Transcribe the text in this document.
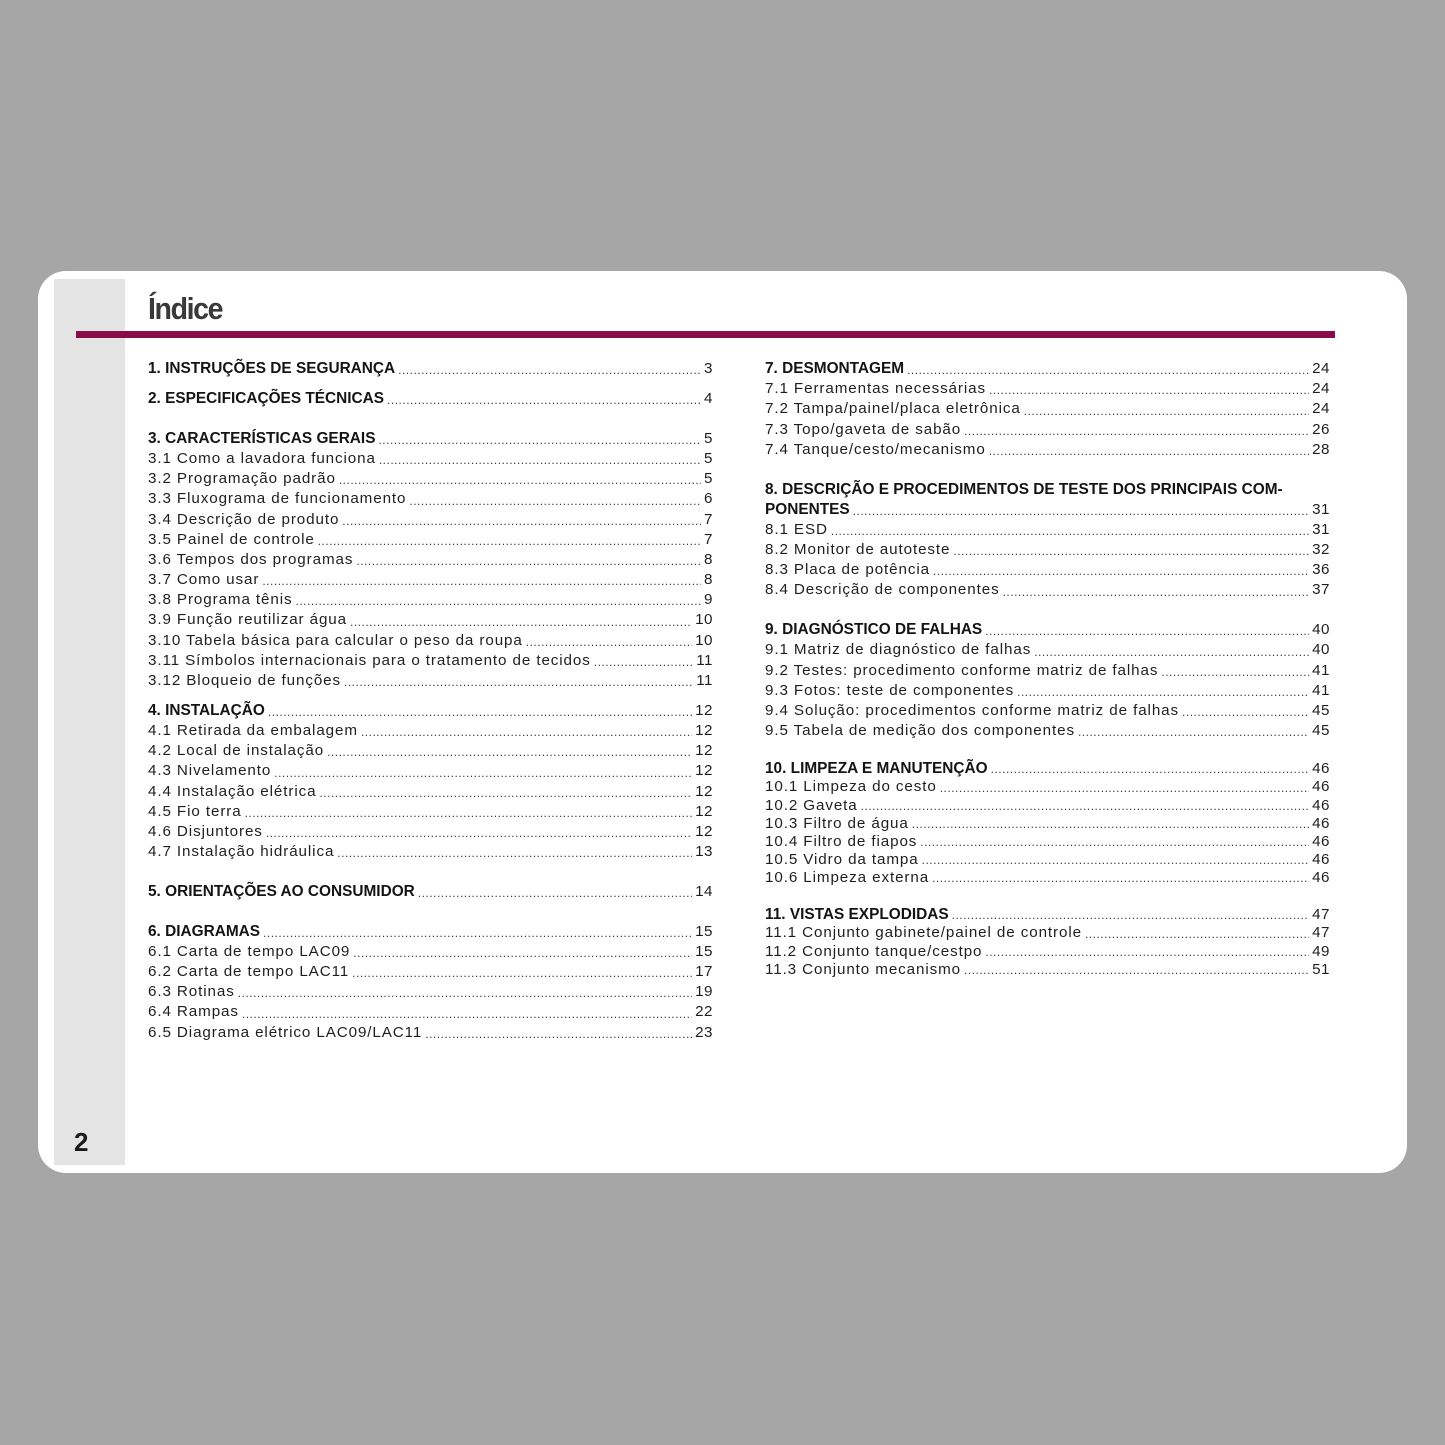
2
Índice
1. INSTRUÇÕES DE SEGURANÇA .....	3
2. ESPECIFICAÇÕES TÉCNICAS .....	4
3. CARACTERÍSTICAS GERAIS .....	5
3.1 Como a lavadora funciona .....	5
3.2 Programação padrão .....	5
3.3 Fluxograma de funcionamento .....	6
3.4 Descrição de produto .....	7
3.5 Painel de controle .....	7
3.6 Tempos dos programas .....	8
3.7 Como usar .....	8
3.8 Programa tênis .....	9
3.9 Função reutilizar água .....	10
3.10 Tabela básica para calcular o peso da roupa .....	10
3.11 Símbolos internacionais para o tratamento de tecidos .....	11
3.12 Bloqueio de funções .....	11
4. INSTALAÇÃO .....	12
4.1 Retirada da embalagem .....	12
4.2 Local de instalação .....	12
4.3 Nivelamento .....	12
4.4 Instalação elétrica .....	12
4.5 Fio terra .....	12
4.6 Disjuntores .....	12
4.7 Instalação hidráulica .....	13
5. ORIENTAÇÕES AO CONSUMIDOR .....	14
6. DIAGRAMAS .....	15
6.1 Carta de tempo LAC09 .....	15
6.2 Carta de tempo LAC11 .....	17
6.3 Rotinas .....	19
6.4 Rampas .....	22
6.5 Diagrama elétrico LAC09/LAC11 .....	23
7. DESMONTAGEM .....	24
7.1 Ferramentas necessárias .....	24
7.2 Tampa/painel/placa eletrônica .....	24
7.3 Topo/gaveta de sabão .....	26
7.4 Tanque/cesto/mecanismo .....	28
8. DESCRIÇÃO E PROCEDIMENTOS DE TESTE DOS PRINCIPAIS COM-
PONENTES .....	31
8.1 ESD .....	31
8.2 Monitor de autoteste .....	32
8.3 Placa de potência .....	36
8.4 Descrição de componentes .....	37
9. DIAGNÓSTICO DE FALHAS .....	40
9.1 Matriz de diagnóstico de falhas .....	40
9.2 Testes: procedimento conforme matriz de falhas .....	41
9.3 Fotos: teste de componentes .....	41
9.4 Solução: procedimentos conforme matriz de falhas .....	45
9.5 Tabela de medição dos componentes .....	45
10. LIMPEZA E MANUTENÇÃO .....	46
10.1 Limpeza do cesto .....	46
10.2 Gaveta .....	46
10.3 Filtro de água .....	46
10.4 Filtro de fiapos .....	46
10.5 Vidro da tampa .....	46
10.6 Limpeza externa .....	46
11. VISTAS EXPLODIDAS .....	47
11.1 Conjunto gabinete/painel de controle .....	47
11.2 Conjunto tanque/cestpo .....	49
11.3 Conjunto mecanismo .....	51
